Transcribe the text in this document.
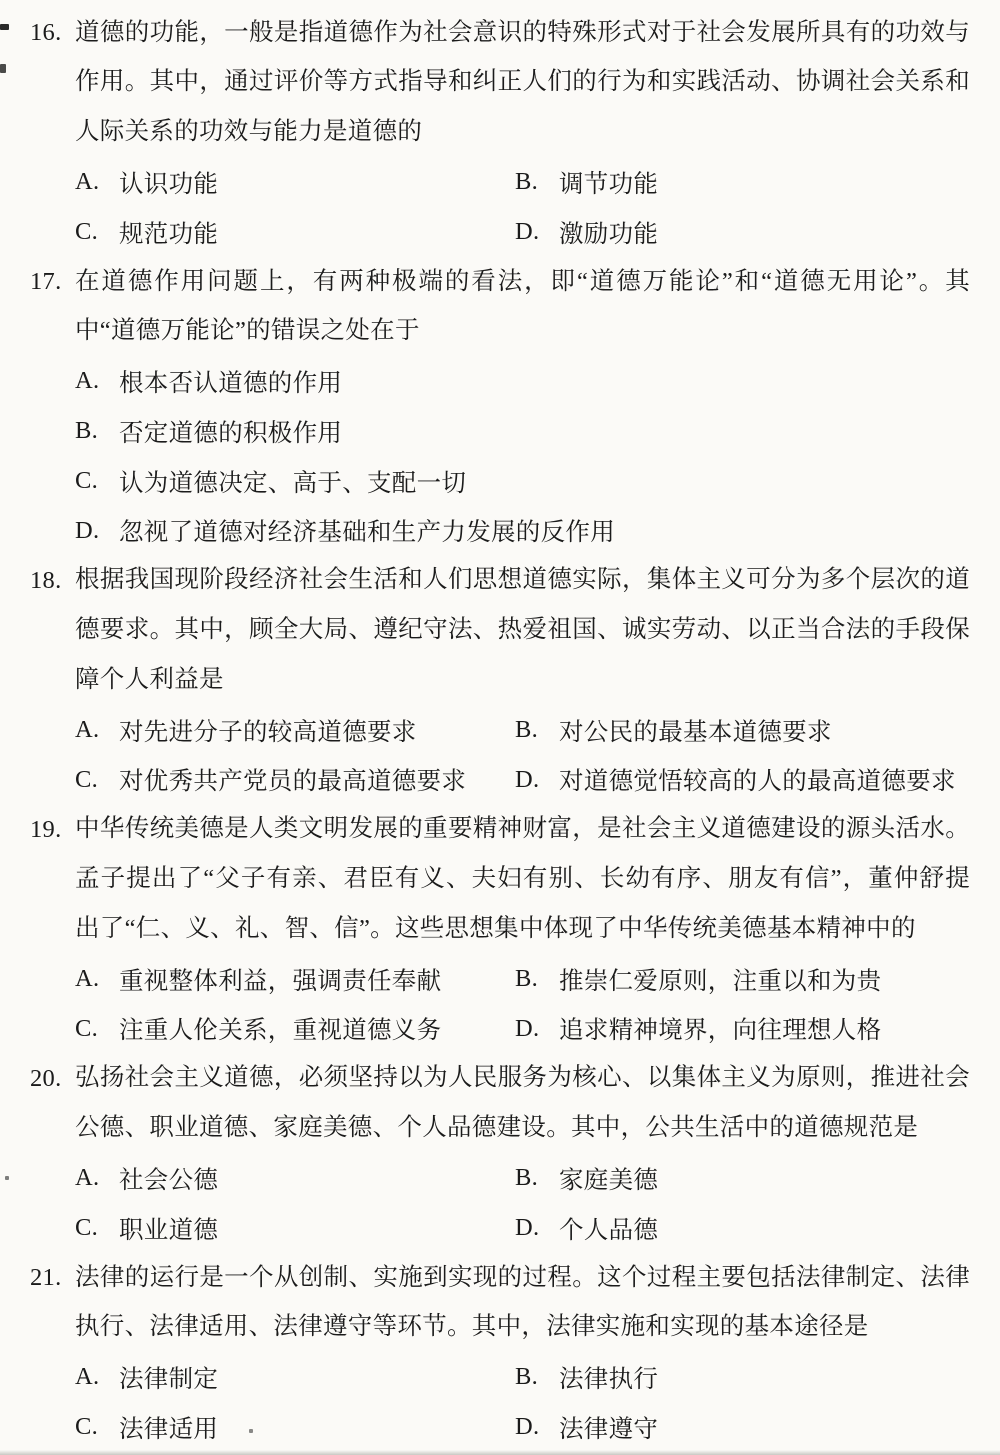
16. 道德的功能，一般是指道德作为社会意识的特殊形式对于社会发展所具有的功效与
作用。其中，通过评价等方式指导和纠正人们的行为和实践活动、协调社会关系和
人际关系的功效与能力是道德的
A. 认识功能	B. 调节功能
C. 规范功能	D. 激励功能
17. 在道德作用问题上，有两种极端的看法，即“道德万能论”和“道德无用论”。其
中“道德万能论”的错误之处在于
A. 根本否认道德的作用
B. 否定道德的积极作用
C. 认为道德决定、高于、支配一切
D. 忽视了道德对经济基础和生产力发展的反作用
18. 根据我国现阶段经济社会生活和人们思想道德实际，集体主义可分为多个层次的道
德要求。其中，顾全大局、遵纪守法、热爱祖国、诚实劳动、以正当合法的手段保
障个人利益是
A. 对先进分子的较高道德要求	B. 对公民的最基本道德要求
C. 对优秀共产党员的最高道德要求 D. 对道德觉悟较高的人的最高道德要求
19. 中华传统美德是人类文明发展的重要精神财富，是社会主义道德建设的源头活水。
孟子提出了“父子有亲、君臣有义、夫妇有别、长幼有序、朋友有信”，董仲舒提
出了“仁、义、礼、智、信”。这些思想集中体现了中华传统美德基本精神中的
A. 重视整体利益，强调责任奉献	B. 推崇仁爱原则，注重以和为贵
C. 注重人伦关系，重视道德义务	D. 追求精神境界，向往理想人格
20. 弘扬社会主义道德，必须坚持以为人民服务为核心、以集体主义为原则，推进社会
公德、职业道德、家庭美德、个人品德建设。其中，公共生活中的道德规范是
A. 社会公德	B. 家庭美德
C. 职业道德	D. 个人品德
21. 法律的运行是一个从创制、实施到实现的过程。这个过程主要包括法律制定、法律
执行、法律适用、法律遵守等环节。其中，法律实施和实现的基本途径是
A. 法律制定	B. 法律执行
C. 法律适用	D. 法律遵守
